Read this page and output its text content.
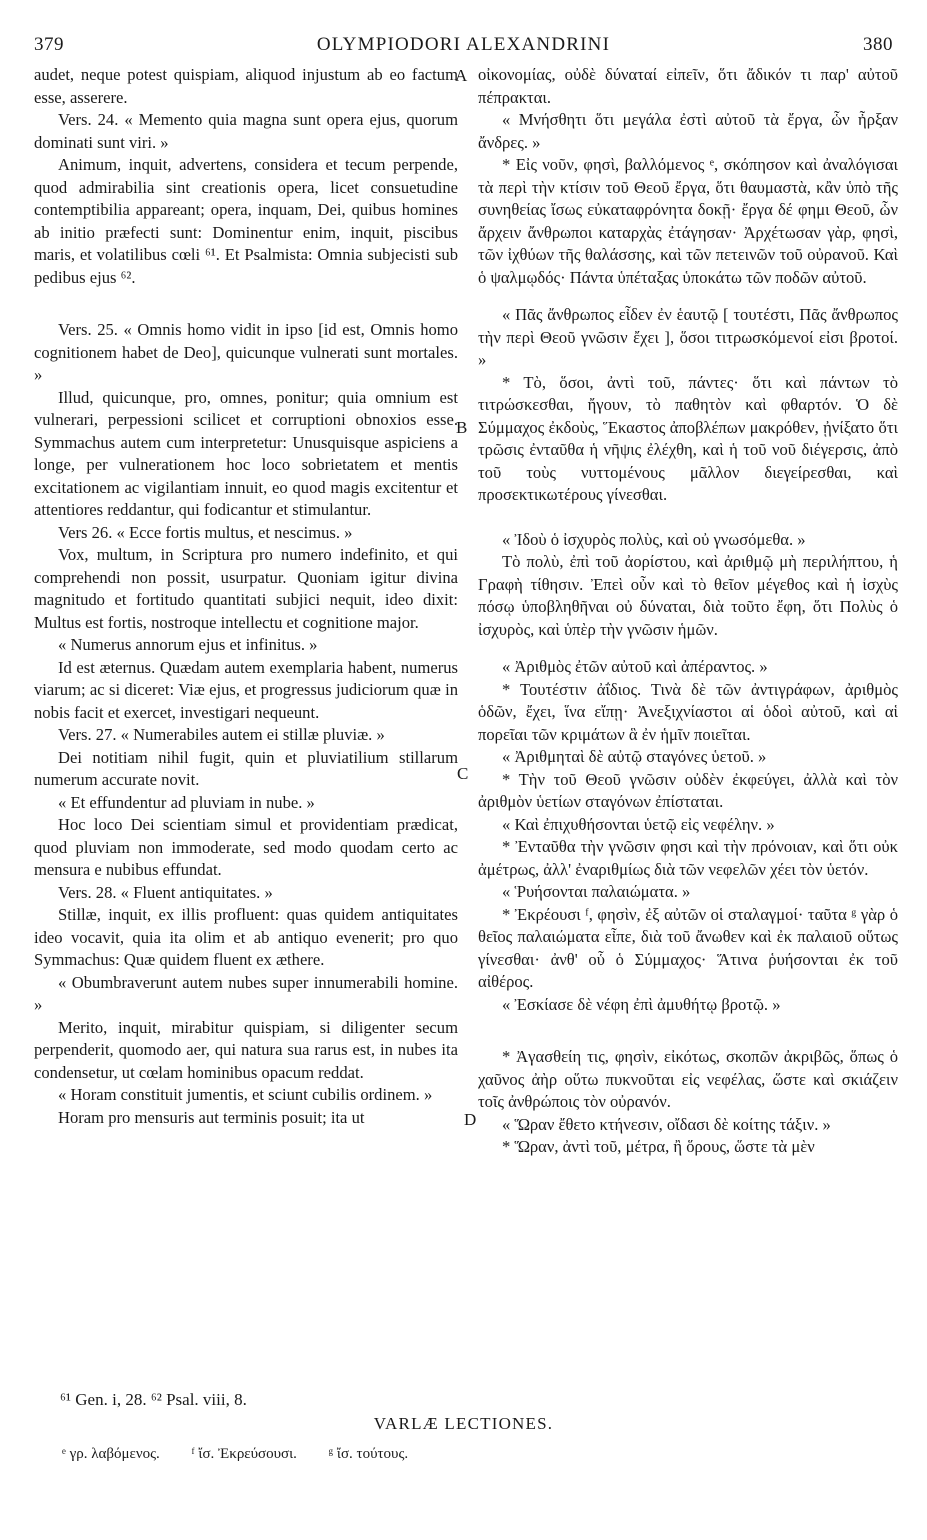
379	OLYMPIODORI ALEXANDRINI	380

audet, neque potest quispiam, aliquod injustum ab eo factum esse, asserere.

Vers. 24. « Memento quia magna sunt opera ejus, quorum dominati sunt viri. »

Animum, inquit, advertens, considera et tecum perpende, quod admirabilia sint creationis opera, licet consuetudine contemptibilia appareant; opera, inquam, Dei, quibus homines ab initio præfecti sunt: Dominentur enim, inquit, piscibus maris, et volatilibus cœli ⁶¹. Et Psalmista: Omnia subjecisti sub pedibus ejus ⁶².

Vers. 25. « Omnis homo vidit in ipso [id est, Omnis homo cognitionem habet de Deo], quicunque vulnerati sunt mortales. »

Illud, quicunque, pro, omnes, ponitur; quia omnium est vulnerari, perpessioni scilicet et corruptioni obnoxios esse. Symmachus autem cum interpretetur: Unusquisque aspiciens a longe, per vulnerationem hoc loco sobrietatem et mentis excitationem ac vigilantiam innuit, eo quod magis excitentur et attentiores reddantur, qui fodicantur et stimulantur.

Vers 26. « Ecce fortis multus, et nescimus. »

Vox, multum, in Scriptura pro numero indefinito, et qui comprehendi non possit, usurpatur. Quoniam igitur divina magnitudo et fortitudo quantitati subjici nequit, ideo dixit: Multus est fortis, nostroque intellectu et cognitione major.

« Numerus annorum ejus et infinitus. »

Id est æternus. Quædam autem exemplaria habent, numerus viarum; ac si diceret: Viæ ejus, et progressus judiciorum quæ in nobis facit et exercet, investigari nequeunt.

Vers. 27. « Numerabiles autem ei stillæ pluviæ. »

Dei notitiam nihil fugit, quin et pluviatilium stillarum numerum accurate novit.

« Et effundentur ad pluviam in nube. »

Hoc loco Dei scientiam simul et providentiam prædicat, quod pluviam non immoderate, sed modo quodam certo ac mensura e nubibus effundat.

Vers. 28. « Fluent antiquitates. »

Stillæ, inquit, ex illis profluent: quas quidem antiquitates ideo vocavit, quia ita olim et ab antiquo evenerit; pro quo Symmachus: Quæ quidem fluent ex æthere.

« Obumbraverunt autem nubes super innumerabili homine. »

Merito, inquit, mirabitur quispiam, si diligenter secum perpenderit, quomodo aer, qui natura sua rarus est, in nubes ita condensetur, ut cœlam hominibus opacum reddat.

« Horam constituit jumentis, et sciunt cubilis ordinem. »

Horam pro mensuris aut terminis posuit; ita ut

οἰκονομίας, οὐδὲ δύναταί εἰπεῖν, ὅτι ἄδικόν τι παρ' αὐτοῦ πέπρακται.

« Μνήσθητι ὅτι μεγάλα ἐστὶ αὐτοῦ τὰ ἔργα, ὧν ἦρξαν ἄνδρες. »

* Εἰς νοῦν, φησὶ, βαλλόμενος ᵉ, σκόπησον καὶ ἀναλόγισαι τὰ περὶ τὴν κτίσιν τοῦ Θεοῦ ἔργα, ὅτι θαυμαστὰ, κἂν ὑπὸ τῆς συνηθείας ἴσως εὐκαταφρόνητα δοκῇ· ἔργα δέ φημι Θεοῦ, ὧν ἄρχειν ἄνθρωποι καταρχὰς ἐτάγησαν· Ἀρχέτωσαν γὰρ, φησὶ, τῶν ἰχθύων τῆς θαλάσσης, καὶ τῶν πετεινῶν τοῦ οὐρανοῦ. Καὶ ὁ ψαλμῳδός· Πάντα ὑπέταξας ὑποκάτω τῶν ποδῶν αὐτοῦ.

« Πᾶς ἄνθρωπος εἶδεν ἐν ἑαυτῷ [ τουτέστι, Πᾶς ἄνθρωπος τὴν περὶ Θεοῦ γνῶσιν ἔχει ], ὅσοι τιτρωσκόμενοί εἰσι βροτοί. »

* Τὸ, ὅσοι, ἀντὶ τοῦ, πάντες· ὅτι καὶ πάντων τὸ τιτρώσκεσθαι, ἤγουν, τὸ παθητὸν καὶ φθαρτόν. Ὁ δὲ Σύμμαχος ἐκδοὺς, Ἕκαστος ἀποβλέπων μακρόθεν, ᾐνίξατο ὅτι τρῶσις ἐνταῦθα ἡ νῆψις ἐλέχθη, καὶ ἡ τοῦ νοῦ διέγερσις, ἀπὸ τοῦ τοὺς νυττομένους μᾶλλον διεγείρεσθαι, καὶ προσεκτικωτέρους γίνεσθαι.

« Ἰδοὺ ὁ ἰσχυρὸς πολὺς, καὶ οὐ γνωσόμεθα. »

Τὸ πολὺ, ἐπὶ τοῦ ἀορίστου, καὶ ἀριθμῷ μὴ περιλήπτου, ἡ Γραφὴ τίθησιν. Ἐπεὶ οὖν καὶ τὸ θεῖον μέγεθος καὶ ἡ ἰσχὺς πόσῳ ὑποβληθῆναι οὐ δύναται, διὰ τοῦτο ἔφη, ὅτι Πολὺς ὁ ἰσχυρὸς, καὶ ὑπὲρ τὴν γνῶσιν ἡμῶν.

« Ἀριθμὸς ἐτῶν αὐτοῦ καὶ ἀπέραντος. »

* Τουτέστιν ἀΐδιος. Τινὰ δὲ τῶν ἀντιγράφων, ἀριθμὸς ὁδῶν, ἔχει, ἵνα εἴπῃ· Ἀνεξιχνίαστοι αἱ ὁδοὶ αὐτοῦ, καὶ αἱ πορεῖαι τῶν κριμάτων ἃ ἐν ἡμῖν ποιεῖται.

« Ἀριθμηταὶ δὲ αὐτῷ σταγόνες ὑετοῦ. »

* Τὴν τοῦ Θεοῦ γνῶσιν οὐδὲν ἐκφεύγει, ἀλλὰ καὶ τὸν ἀριθμὸν ὑετίων σταγόνων ἐπίσταται.

« Καὶ ἐπιχυθήσονται ὑετῷ εἰς νεφέλην. »

* Ἐνταῦθα τὴν γνῶσιν φησι καὶ τὴν πρόνοιαν, καὶ ὅτι οὐκ ἀμέτρως, ἀλλ' ἐναριθμίως διὰ τῶν νεφελῶν χέει τὸν ὑετόν.

« Ῥυήσονται παλαιώματα. »

* Ἐκρέουσι ᶠ, φησὶν, ἐξ αὐτῶν οἱ σταλαγμοί· ταῦτα ᵍ γὰρ ὁ θεῖος παλαιώματα εἶπε, διὰ τοῦ ἄνωθεν καὶ ἐκ παλαιοῦ οὕτως γίνεσθαι· ἀνθ' οὗ ὁ Σύμμαχος· Ἅτινα ῥυήσονται ἐκ τοῦ αἰθέρος.

« Ἐσκίασε δὲ νέφη ἐπὶ ἀμυθήτῳ βροτῷ. »

* Ἀγασθείη τις, φησὶν, εἰκότως, σκοπῶν ἀκριβῶς, ὅπως ὁ χαῦνος ἀὴρ οὕτω πυκνοῦται εἰς νεφέλας, ὥστε καὶ σκιάζειν τοῖς ἀνθρώποις τὸν οὐρανόν.

« Ὥραν ἔθετο κτήνεσιν, οἴδασι δὲ κοίτης τάξιν. »

* Ὥραν, ἀντὶ τοῦ, μέτρα, ἢ ὅρους, ὥστε τὰ μὲν

A
B
C
D
⁶¹ Gen. i, 28. ⁶² Psal. viii, 8.
VARLÆ LECTIONES.
ᵉ γρ. λαβόμενος. ᶠ ἴσ. Ἐκρεύσουσι. ᵍ ἴσ. τούτους.
